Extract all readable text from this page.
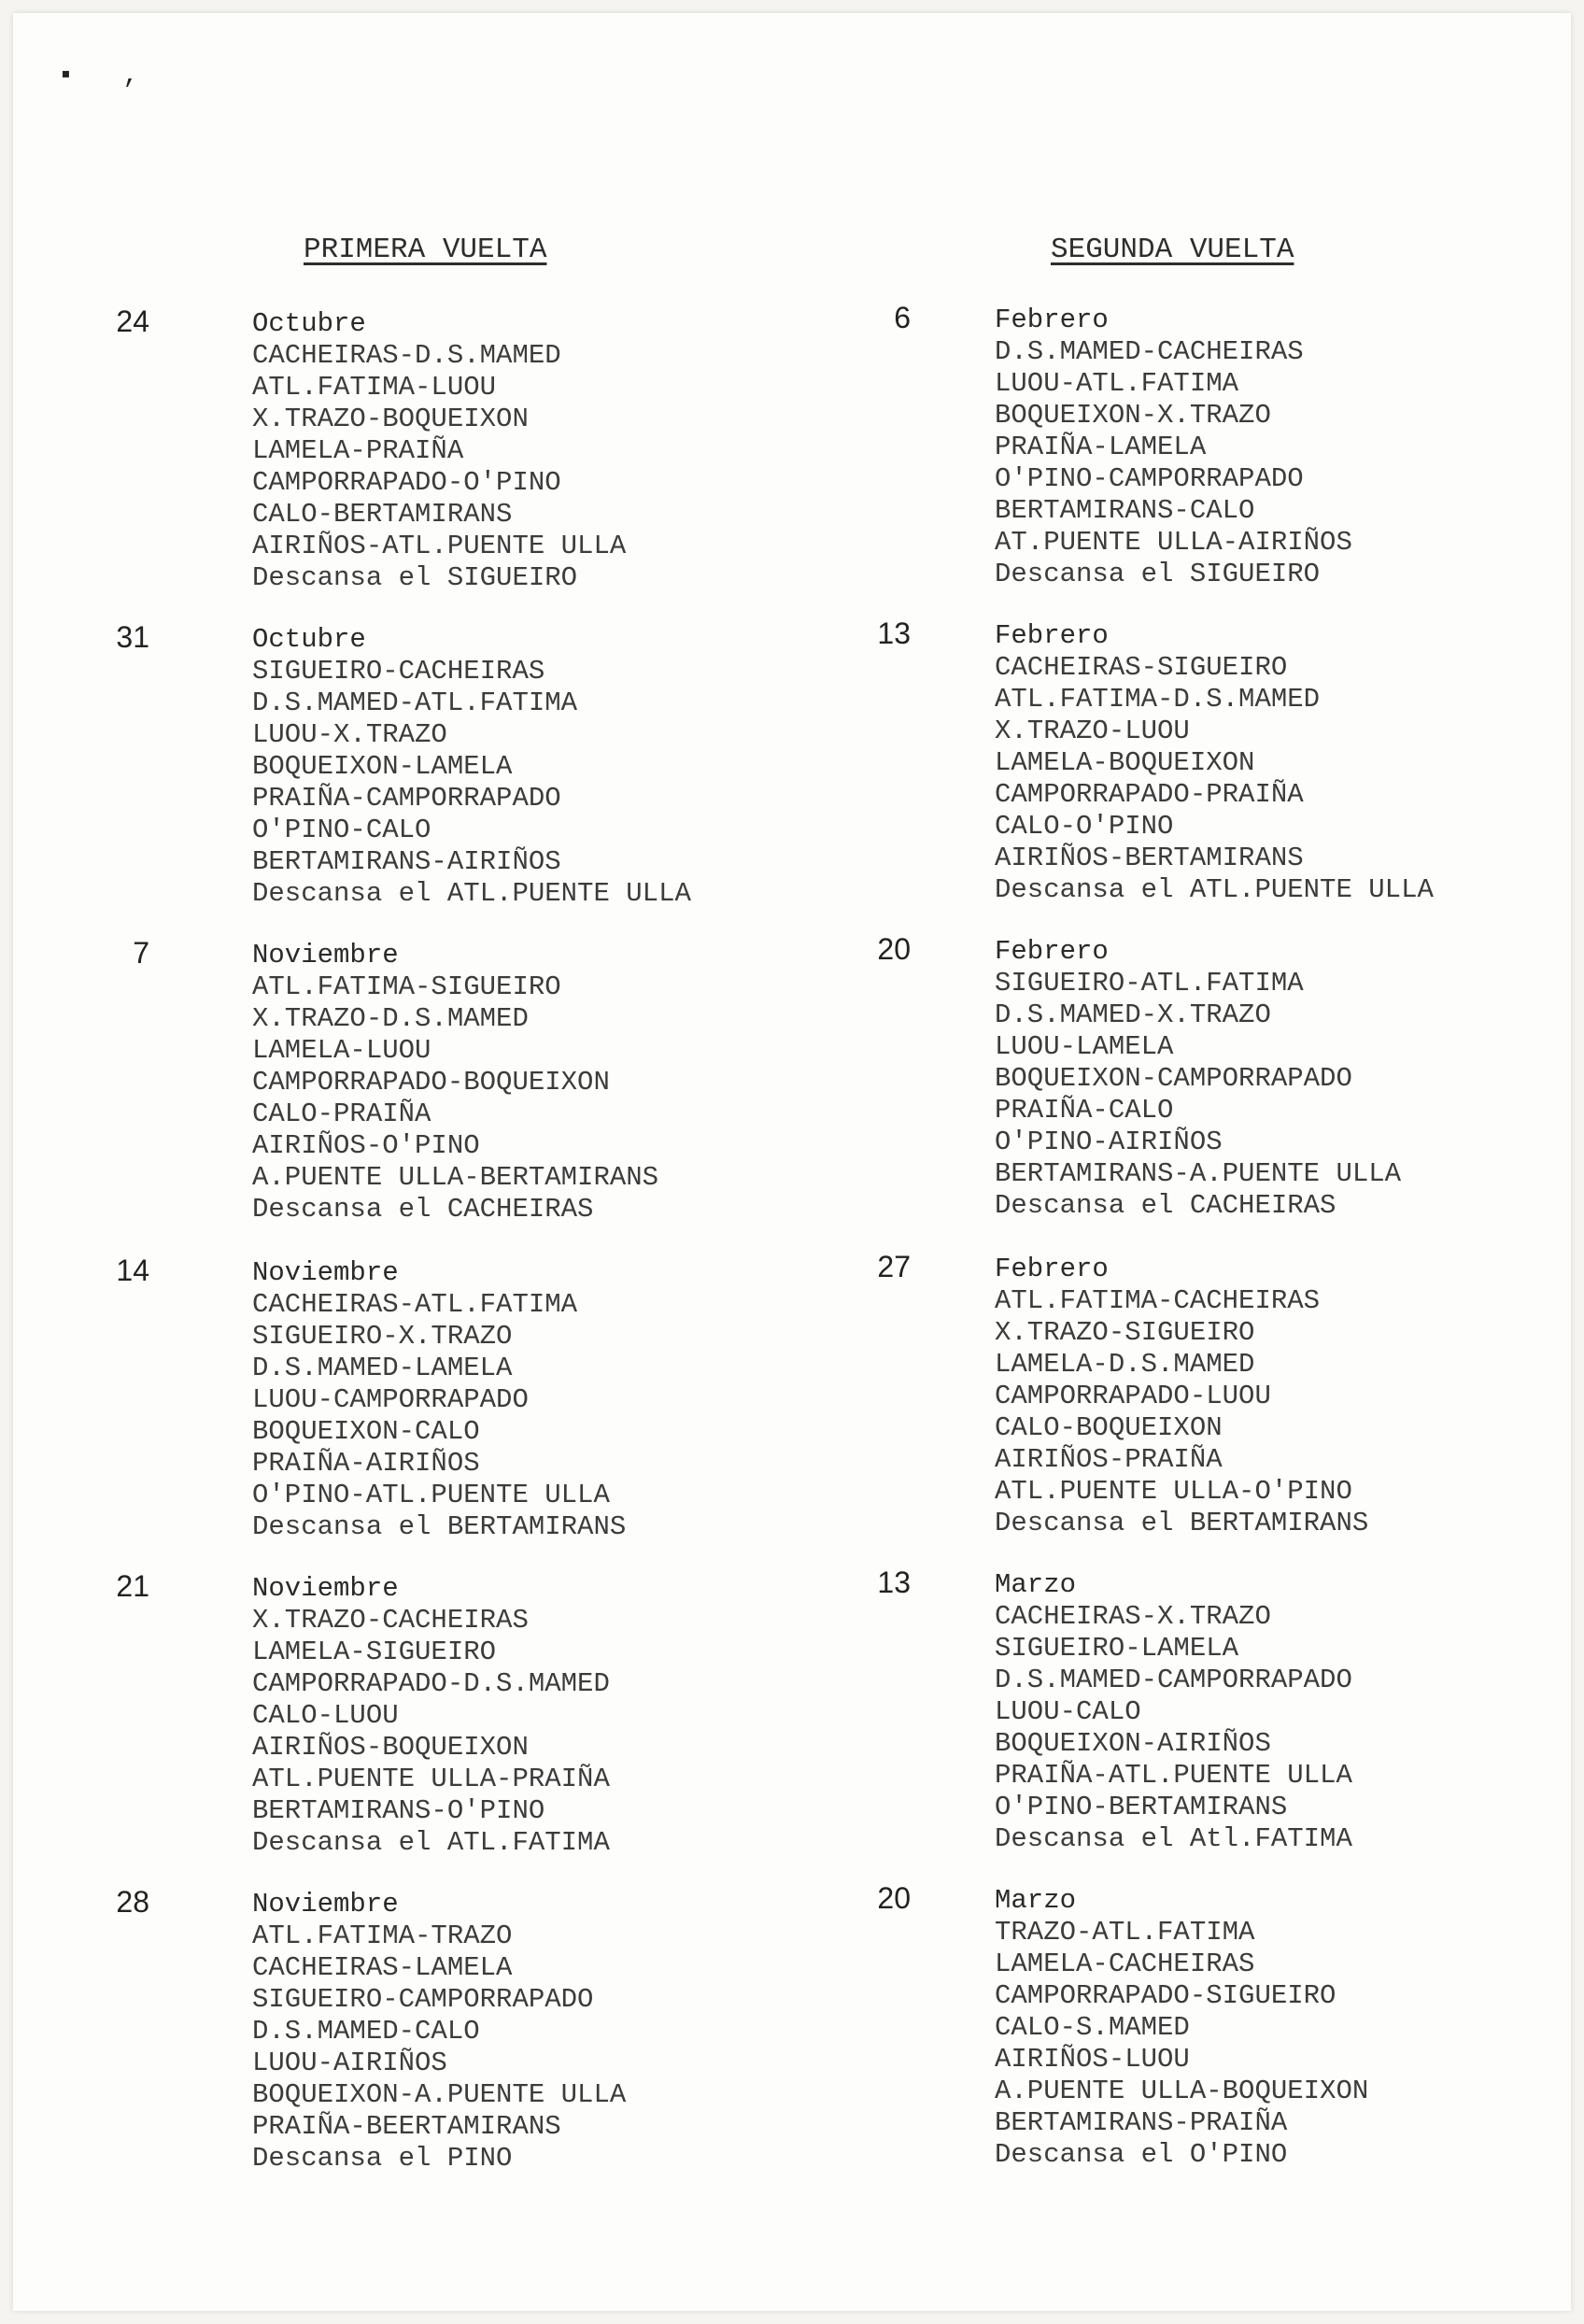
▪ ,
PRIMERA VUELTA	SEGUNDA VUELTA
24	Octubre
CACHEIRAS-D.S.MAMED
ATL.FATIMA-LUOU
X.TRAZO-BOQUEIXON
LAMELA-PRAIÑA
CAMPORRAPADO-O'PINO
CALO-BERTAMIRANS
AIRIÑOS-ATL.PUENTE ULLA
Descansa el SIGUEIRO
31	Octubre
SIGUEIRO-CACHEIRAS
D.S.MAMED-ATL.FATIMA
LUOU-X.TRAZO
BOQUEIXON-LAMELA
PRAIÑA-CAMPORRAPADO
O'PINO-CALO
BERTAMIRANS-AIRIÑOS
Descansa el ATL.PUENTE ULLA
7	Noviembre
ATL.FATIMA-SIGUEIRO
X.TRAZO-D.S.MAMED
LAMELA-LUOU
CAMPORRAPADO-BOQUEIXON
CALO-PRAIÑA
AIRIÑOS-O'PINO
A.PUENTE ULLA-BERTAMIRANS
Descansa el CACHEIRAS
14	Noviembre
CACHEIRAS-ATL.FATIMA
SIGUEIRO-X.TRAZO
D.S.MAMED-LAMELA
LUOU-CAMPORRAPADO
BOQUEIXON-CALO
PRAIÑA-AIRIÑOS
O'PINO-ATL.PUENTE ULLA
Descansa el BERTAMIRANS
21	Noviembre
X.TRAZO-CACHEIRAS
LAMELA-SIGUEIRO
CAMPORRAPADO-D.S.MAMED
CALO-LUOU
AIRIÑOS-BOQUEIXON
ATL.PUENTE ULLA-PRAIÑA
BERTAMIRANS-O'PINO
Descansa el ATL.FATIMA
28	Noviembre
ATL.FATIMA-TRAZO
CACHEIRAS-LAMELA
SIGUEIRO-CAMPORRAPADO
D.S.MAMED-CALO
LUOU-AIRIÑOS
BOQUEIXON-A.PUENTE ULLA
PRAIÑA-BEERTAMIRANS
Descansa el PINO
6	Febrero
D.S.MAMED-CACHEIRAS
LUOU-ATL.FATIMA
BOQUEIXON-X.TRAZO
PRAIÑA-LAMELA
O'PINO-CAMPORRAPADO
BERTAMIRANS-CALO
AT.PUENTE ULLA-AIRIÑOS
Descansa el SIGUEIRO
13	Febrero
CACHEIRAS-SIGUEIRO
ATL.FATIMA-D.S.MAMED
X.TRAZO-LUOU
LAMELA-BOQUEIXON
CAMPORRAPADO-PRAIÑA
CALO-O'PINO
AIRIÑOS-BERTAMIRANS
Descansa el ATL.PUENTE ULLA
20	Febrero
SIGUEIRO-ATL.FATIMA
D.S.MAMED-X.TRAZO
LUOU-LAMELA
BOQUEIXON-CAMPORRAPADO
PRAIÑA-CALO
O'PINO-AIRIÑOS
BERTAMIRANS-A.PUENTE ULLA
Descansa el CACHEIRAS
27	Febrero
ATL.FATIMA-CACHEIRAS
X.TRAZO-SIGUEIRO
LAMELA-D.S.MAMED
CAMPORRAPADO-LUOU
CALO-BOQUEIXON
AIRIÑOS-PRAIÑA
ATL.PUENTE ULLA-O'PINO
Descansa el BERTAMIRANS
13	Marzo
CACHEIRAS-X.TRAZO
SIGUEIRO-LAMELA
D.S.MAMED-CAMPORRAPADO
LUOU-CALO
BOQUEIXON-AIRIÑOS
PRAIÑA-ATL.PUENTE ULLA
O'PINO-BERTAMIRANS
Descansa el Atl.FATIMA
20	Marzo
TRAZO-ATL.FATIMA
LAMELA-CACHEIRAS
CAMPORRAPADO-SIGUEIRO
CALO-S.MAMED
AIRIÑOS-LUOU
A.PUENTE ULLA-BOQUEIXON
BERTAMIRANS-PRAIÑA
Descansa el O'PINO
